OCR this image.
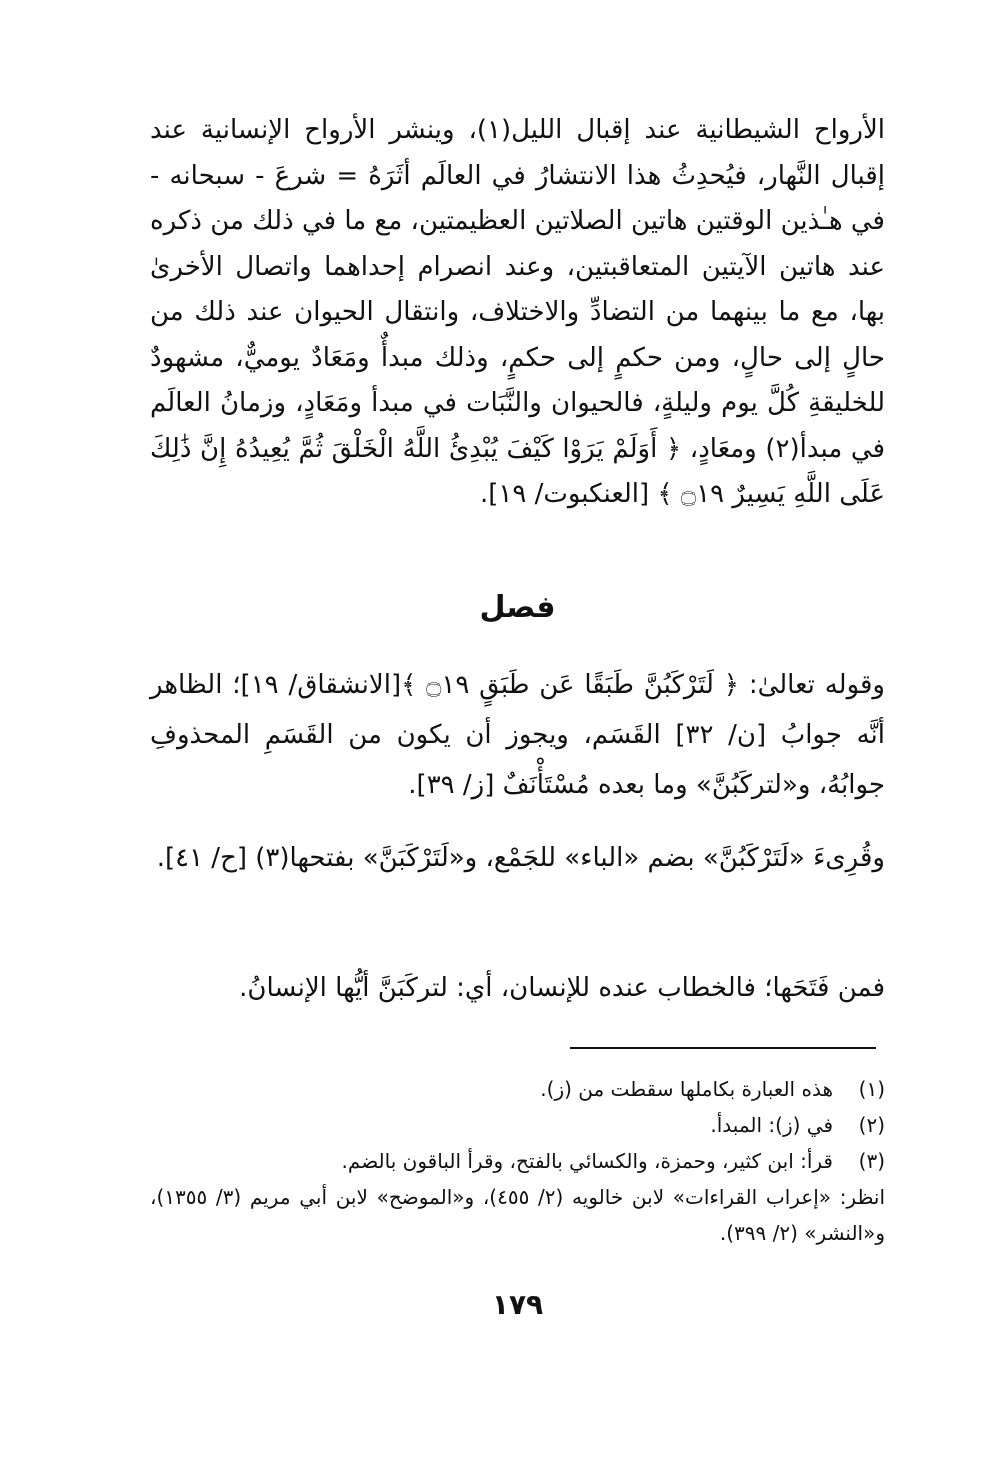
الأرواح الشيطانية عند إقبال الليل(١)، وينشر الأرواح الإنسانية عند إقبال النَّهار، فيُحدِثُ هذا الانتشارُ في العالَم أثَرَهُ = شرعَ - سبحانه - في هـٰذين الوقتين هاتين الصلاتين العظيمتين، مع ما في ذلك من ذكره عند هاتين الآيتين المتعاقبتين، وعند انصرام إحداهما واتصال الأخرىٰ بها، مع ما بينهما من التضادِّ والاختلاف، وانتقال الحيوان عند ذلك من حالٍ إلى حالٍ، ومن حكمٍ إلى حكمٍ، وذلك مبدأٌ ومَعَادٌ يوميٌّ، مشهودٌ للخليقةِ كُلَّ يوم وليلةٍ، فالحيوان والنَّبَات في مبدأ ومَعَادٍ، وزمانُ العالَم في مبدأ(٢) ومعَادٍ، ﴿ أَوَلَمْ يَرَوْا كَيْفَ يُبْدِئُ اللَّهُ الْخَلْقَ ثُمَّ يُعِيدُهُ إِنَّ ذَٰلِكَ عَلَى اللَّهِ يَسِيرٌ ۝١٩ ﴾ [العنكبوت/ ١٩].
فصل
وقوله تعالىٰ: ﴿ لَتَرْكَبُنَّ طَبَقًا عَن طَبَقٍ ۝١٩ ﴾[الانشقاق/ ١٩]؛ الظاهر أنَّه جوابُ [ن/ ٣٢] القَسَم، ويجوز أن يكون من القَسَمِ المحذوفِ جوابُهُ، و«لتركَبُنَّ» وما بعده مُسْتَأْنَفٌ [ز/ ٣٩].
وقُرِىءَ «لَتَرْكَبُنَّ» بضم «الباء» للجَمْع، و«لَتَرْكَبَنَّ» بفتحها(٣) [ح/ ٤١].
فمن فَتَحَها؛ فالخطاب عنده للإنسان، أي: لتركَبَنَّ أيُّها الإنسانُ.
(١)
هذه العبارة بكاملها سقطت من (ز).
(٢)
في (ز): المبدأ.
(٣)
قرأ: ابن كثير، وحمزة، والكسائي بالفتح، وقرأ الباقون بالضم.
انظر: «إعراب القراءات» لابن خالويه (٢/ ٤٥٥)، و«الموضح» لابن أبي مريم (٣/ ١٣٥٥)، و«النشر» (٢/ ٣٩٩).
١٧٩
